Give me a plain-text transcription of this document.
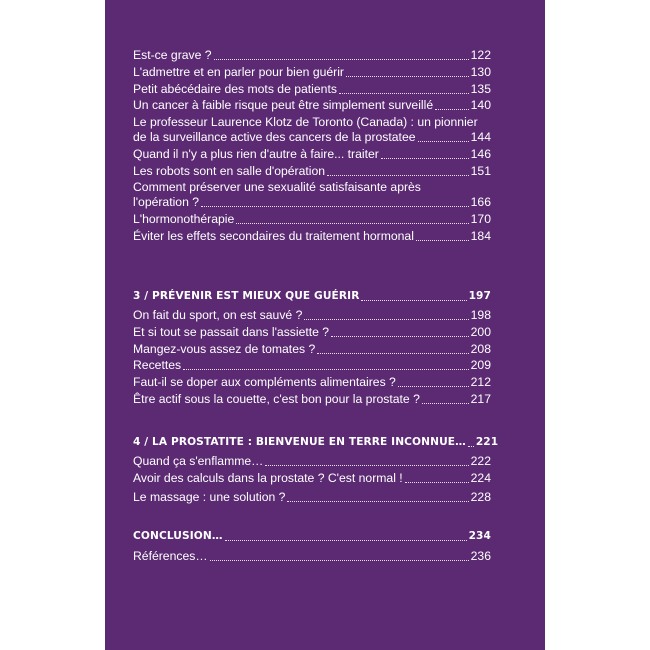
Est-ce grave ?	122
L'admettre et en parler pour bien guérir	130
Petit abécédaire des mots de patients	135
Un cancer à faible risque peut être simplement surveillé	140
Le professeur Laurence Klotz de Toronto (Canada) : un pionnier
de la surveillance active des cancers de la prostatee	144
Quand il n'y a plus rien d'autre à faire... traiter	146
Les robots sont en salle d'opération	151
Comment préserver une sexualité satisfaisante après
l'opération ?	166
L'hormonothérapie	170
Éviter les effets secondaires du traitement hormonal	184
3 / PRÉVENIR EST MIEUX QUE GUÉRIR	197
On fait du sport, on est sauvé ?	198
Et si tout se passait dans l'assiette ?	200
Mangez-vous assez de tomates ?	208
Recettes	209
Faut-il se doper aux compléments alimentaires ?	212
Être actif sous la couette, c'est bon pour la prostate ?	217
4 / LA PROSTATITE : BIENVENUE EN TERRE INCONNUE… 221
Quand ça s'enflamme…	222
Avoir des calculs dans la prostate ? C'est normal !	224
Le massage : une solution ?	228
CONCLUSION…	234
Références…	236
